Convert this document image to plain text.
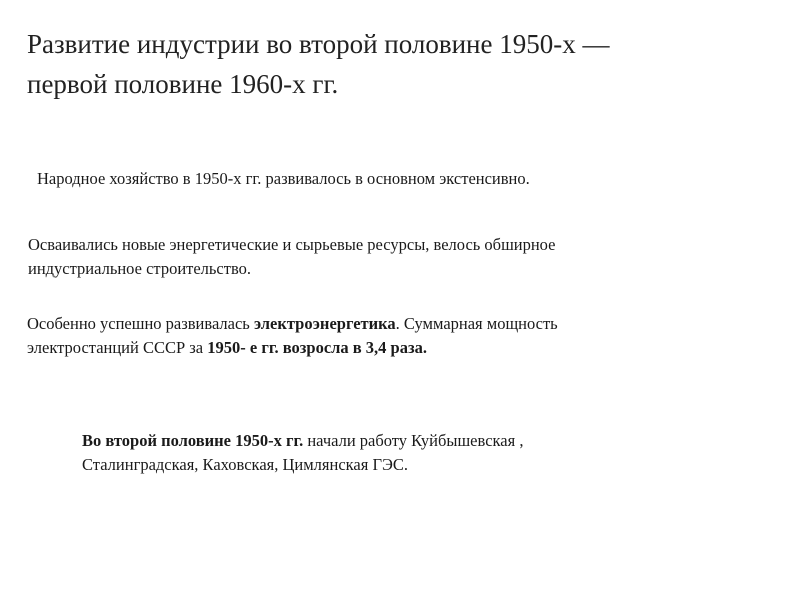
Развитие индустрии во второй половине 1950-х —
первой половине 1960-х гг.

Народное хозяйство в 1950-х гг. развивалось в основном экстенсивно.

Осваивались новые энергетические и сырьевые ресурсы, велось обширное
индустриальное строительство.

Особенно успешно развивалась электроэнергетика. Суммарная мощность
электростанций СССР за 1950- е гг. возросла в 3,4 раза.

Во второй половине 1950-х гг. начали работу Куйбышевская ,
Сталинградская, Каховская, Цимлянская ГЭС.
